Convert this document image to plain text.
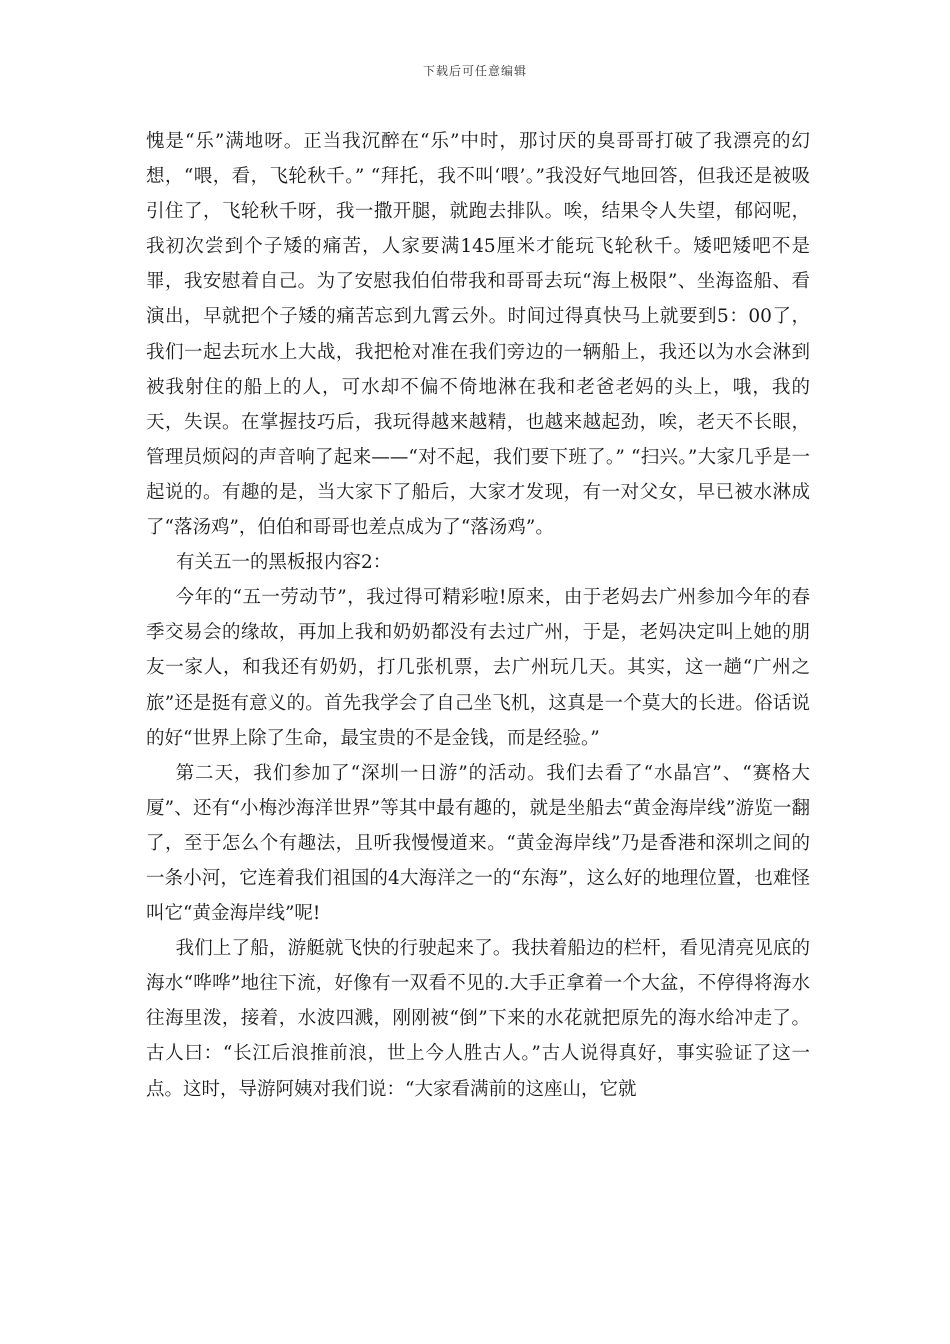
下载后可任意编辑

愧是“乐”满地呀。正当我沉醉在“乐”中时，那讨厌的臭哥哥打破了我漂亮的幻想，“喂，看，飞轮秋千。” “拜托，我不叫‘喂’。”我没好气地回答，但我还是被吸引住了，飞轮秋千呀，我一撒开腿，就跑去排队。唉，结果令人失望，郁闷呢，我初次尝到个子矮的痛苦，人家要满145厘米才能玩飞轮秋千。矮吧矮吧不是罪，我安慰着自己。为了安慰我伯伯带我和哥哥去玩“海上极限”、坐海盗船、看演出，早就把个子矮的痛苦忘到九霄云外。时间过得真快马上就要到5：00了，我们一起去玩水上大战，我把枪对准在我们旁边的一辆船上，我还以为水会淋到被我射住的船上的人，可水却不偏不倚地淋在我和老爸老妈的头上，哦，我的天，失误。在掌握技巧后，我玩得越来越精，也越来越起劲，唉，老天不长眼，管理员烦闷的声音响了起来——“对不起，我们要下班了。” “扫兴。”大家几乎是一起说的。有趣的是，当大家下了船后，大家才发现，有一对父女，早已被水淋成了“落汤鸡”，伯伯和哥哥也差点成为了“落汤鸡”。

有关五一的黑板报内容2：

今年的“五一劳动节”，我过得可精彩啦!原来，由于老妈去广州参加今年的春季交易会的缘故，再加上我和奶奶都没有去过广州，于是，老妈决定叫上她的朋友一家人，和我还有奶奶，打几张机票，去广州玩几天。其实，这一趟“广州之旅”还是挺有意义的。首先我学会了自己坐飞机，这真是一个莫大的长进。俗话说的好“世界上除了生命，最宝贵的不是金钱，而是经验。”

第二天，我们参加了“深圳一日游”的活动。我们去看了“水晶宫”、“赛格大厦”、还有“小梅沙海洋世界”等其中最有趣的，就是坐船去“黄金海岸线”游览一翻了，至于怎么个有趣法，且听我慢慢道来。“黄金海岸线”乃是香港和深圳之间的一条小河，它连着我们祖国的4大海洋之一的“东海”，这么好的地理位置，也难怪叫它“黄金海岸线”呢!

我们上了船，游艇就飞快的行驶起来了。我扶着船边的栏杆，看见清亮见底的海水“哗哗”地往下流，好像有一双看不见的.大手正拿着一个大盆，不停得将海水往海里泼，接着，水波四溅，刚刚被“倒”下来的水花就把原先的海水给冲走了。古人曰：“长江后浪推前浪，世上今人胜古人。”古人说得真好，事实验证了这一点。这时，导游阿姨对我们说：“大家看满前的这座山，它就
